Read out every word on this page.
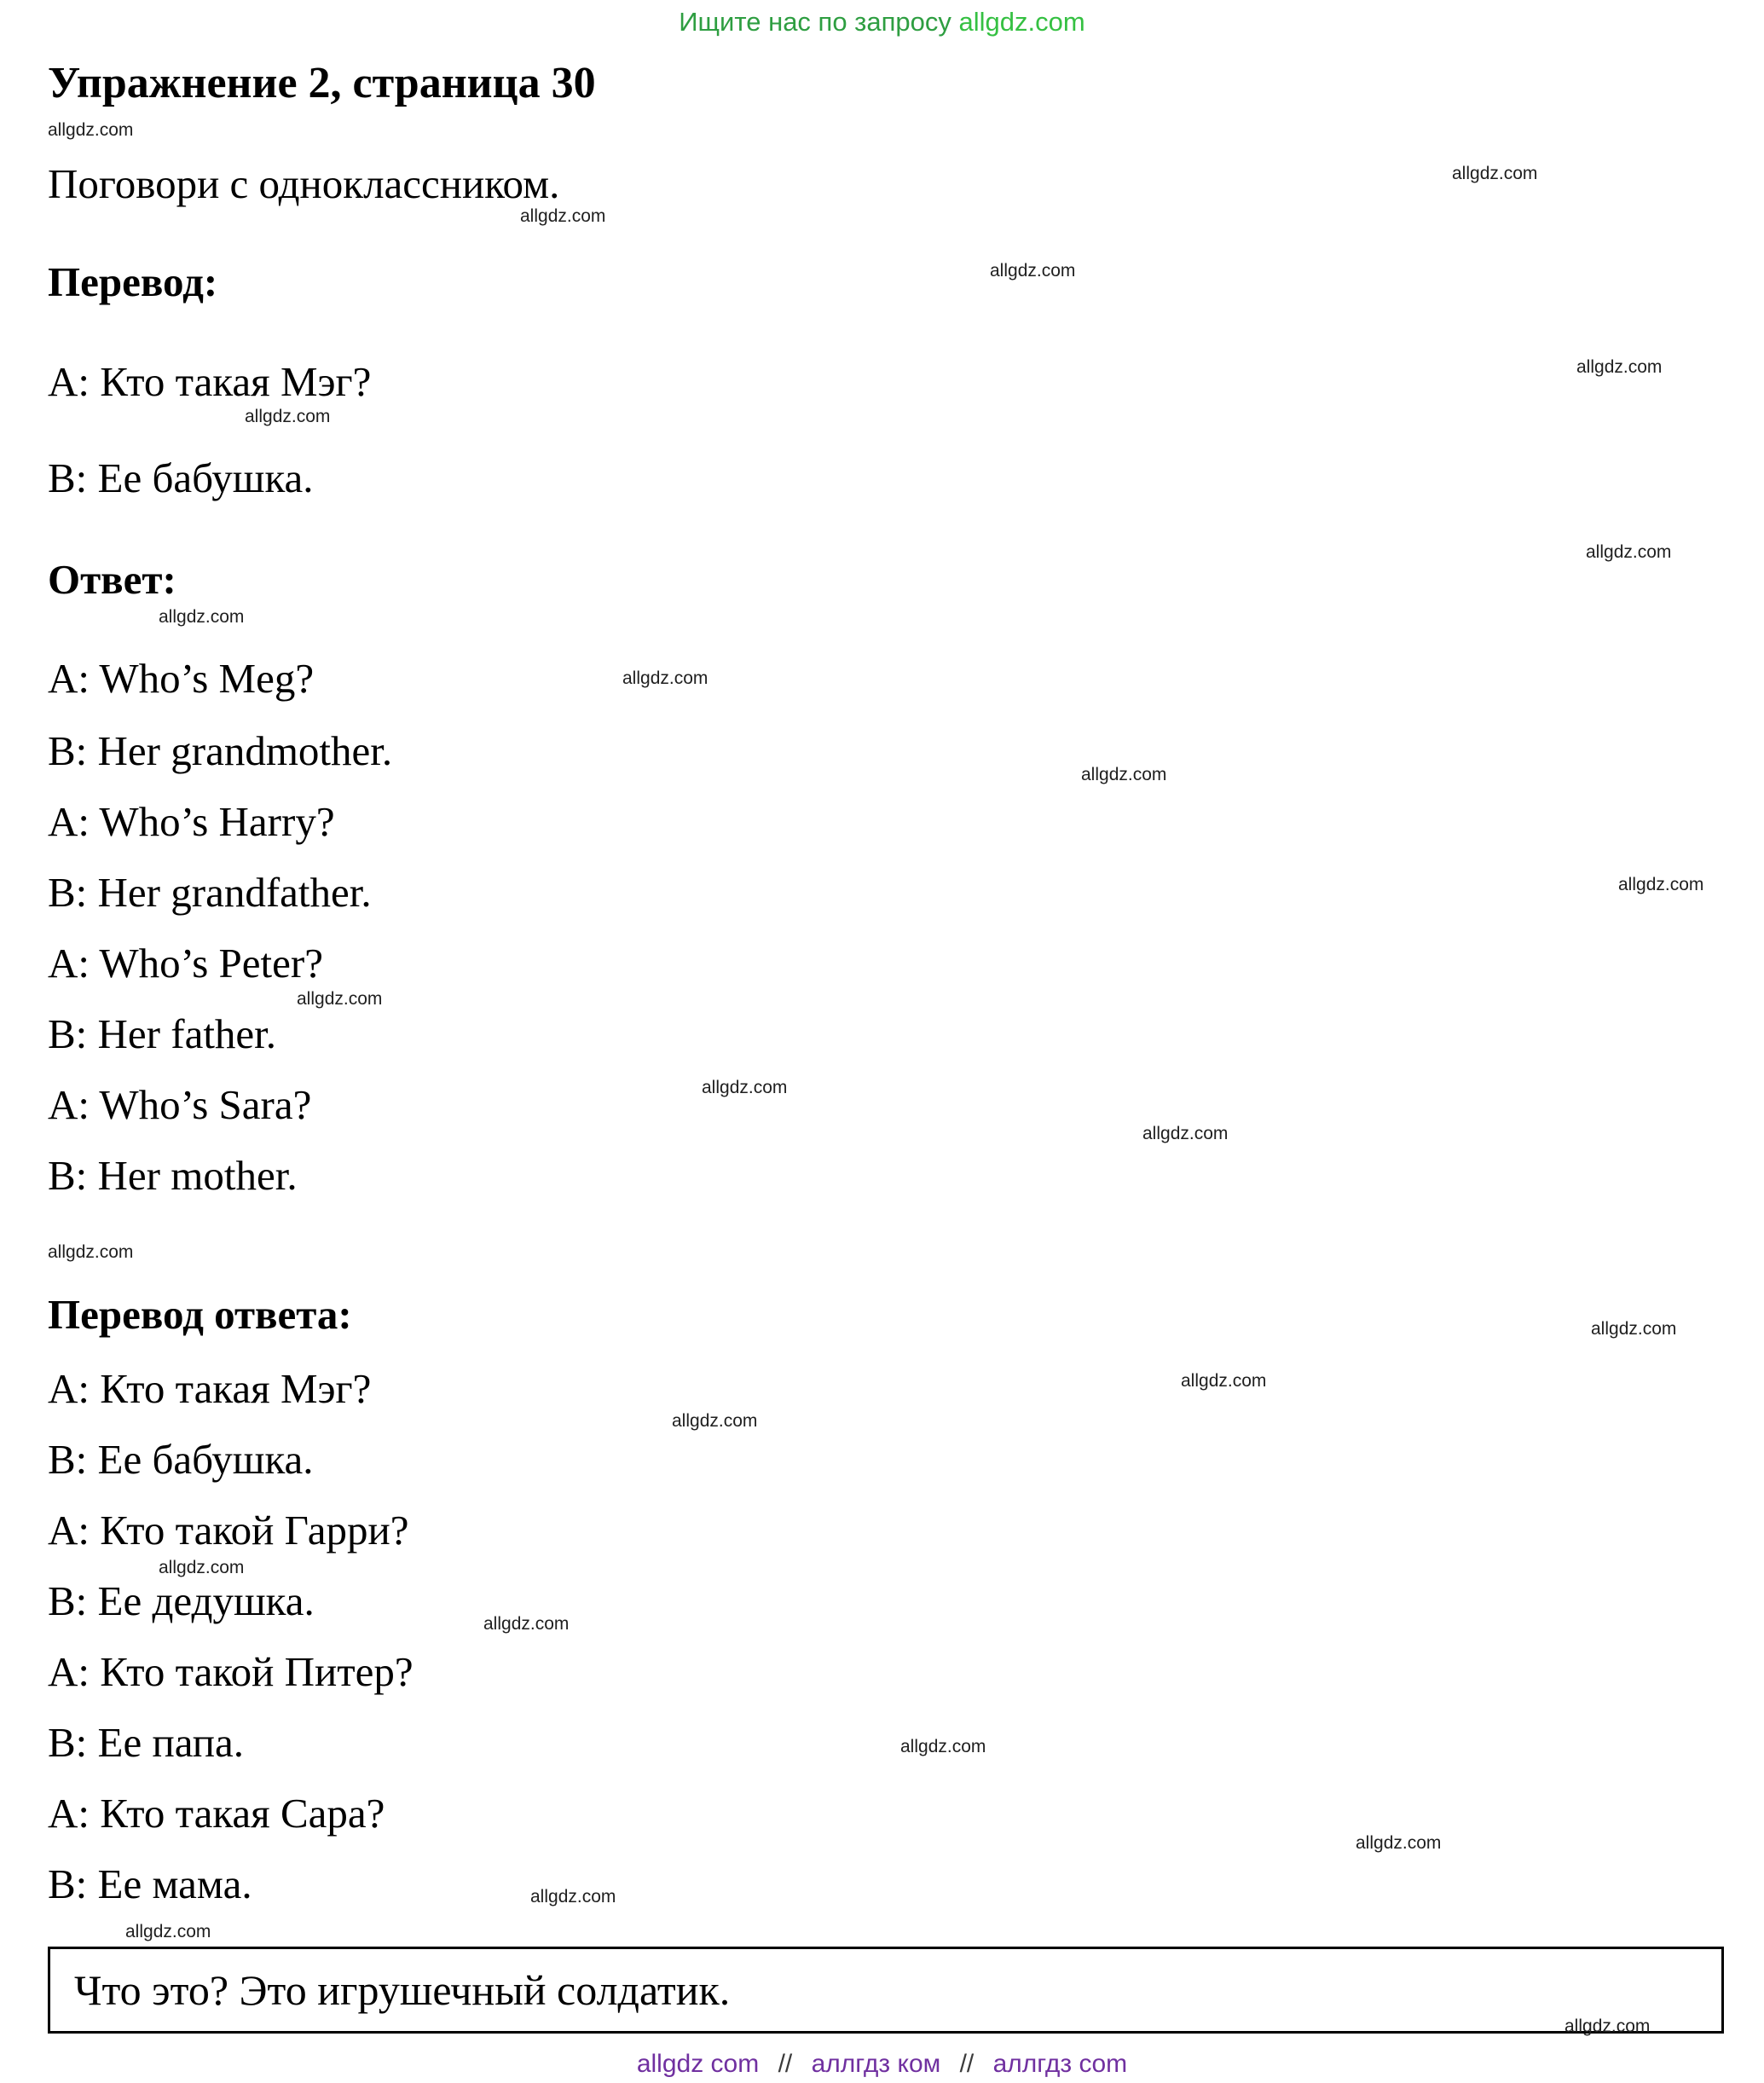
Ищите нас по запросу allgdz.com
Упражнение 2, страница 30
Поговори с одноклассником.
Перевод:
А: Кто такая Мэг?
В: Ее бабушка.
Ответ:
A: Who’s Meg?
B: Her grandmother.
A: Who’s Harry?
B: Her grandfather.
A: Who’s Peter?
B: Her father.
A: Who’s Sara?
B: Her mother.
Перевод ответа:
А: Кто такая Мэг?
В: Ее бабушка.
А: Кто такой Гарри?
В: Ее дедушка.
А: Кто такой Питер?
В: Ее папа.
А: Кто такая Сара?
В: Ее мама.
Что это? Это игрушечный солдатик.
allgdz com // аллгдз ком // аллгдз com
allgdz.com
allgdz.com
allgdz.com
allgdz.com
allgdz.com
allgdz.com
allgdz.com
allgdz.com
allgdz.com
allgdz.com
allgdz.com
allgdz.com
allgdz.com
allgdz.com
allgdz.com
allgdz.com
allgdz.com
allgdz.com
allgdz.com
allgdz.com
allgdz.com
allgdz.com
allgdz.com
allgdz.com
allgdz.com
